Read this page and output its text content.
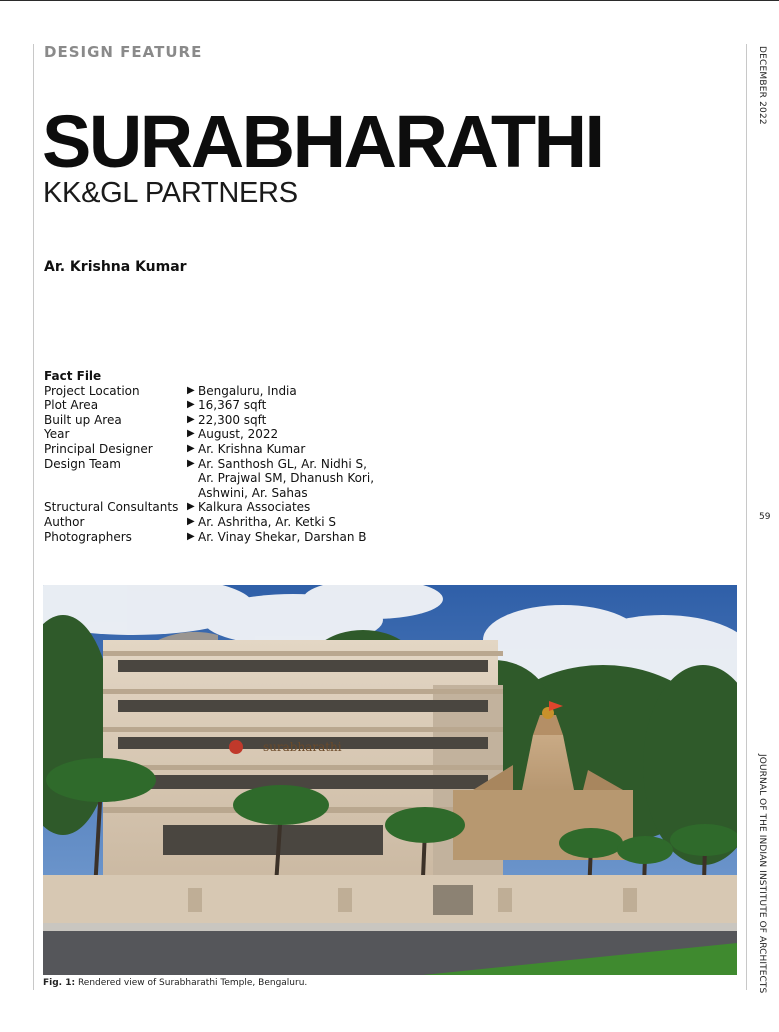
DESIGN FEATURE
SURABHARATHI
KK&GL PARTNERS
Ar. Krishna Kumar
Fact File
Project Location	▶ Bengaluru, India
Plot Area	▶ 16,367 sqft
Built up Area	▶ 22,300 sqft
Year	▶ August, 2022
Principal Designer	▶ Ar. Krishna Kumar
Design Team	▶ Ar. Santhosh GL, Ar. Nidhi S,
Ar. Prajwal SM, Dhanush Kori,
Ashwini, Ar. Sahas
Structural Consultants ▶ Kalkura Associates
Author	▶ Ar. Ashritha, Ar. Ketki S
Photographers	▶ Ar. Vinay Shekar, Darshan B
DECEMBER 2022
59
JOURNAL OF THE INDIAN INSTITUTE OF ARCHITECTS
surabharathi
Fig. 1: Rendered view of Surabharathi Temple, Bengaluru.
